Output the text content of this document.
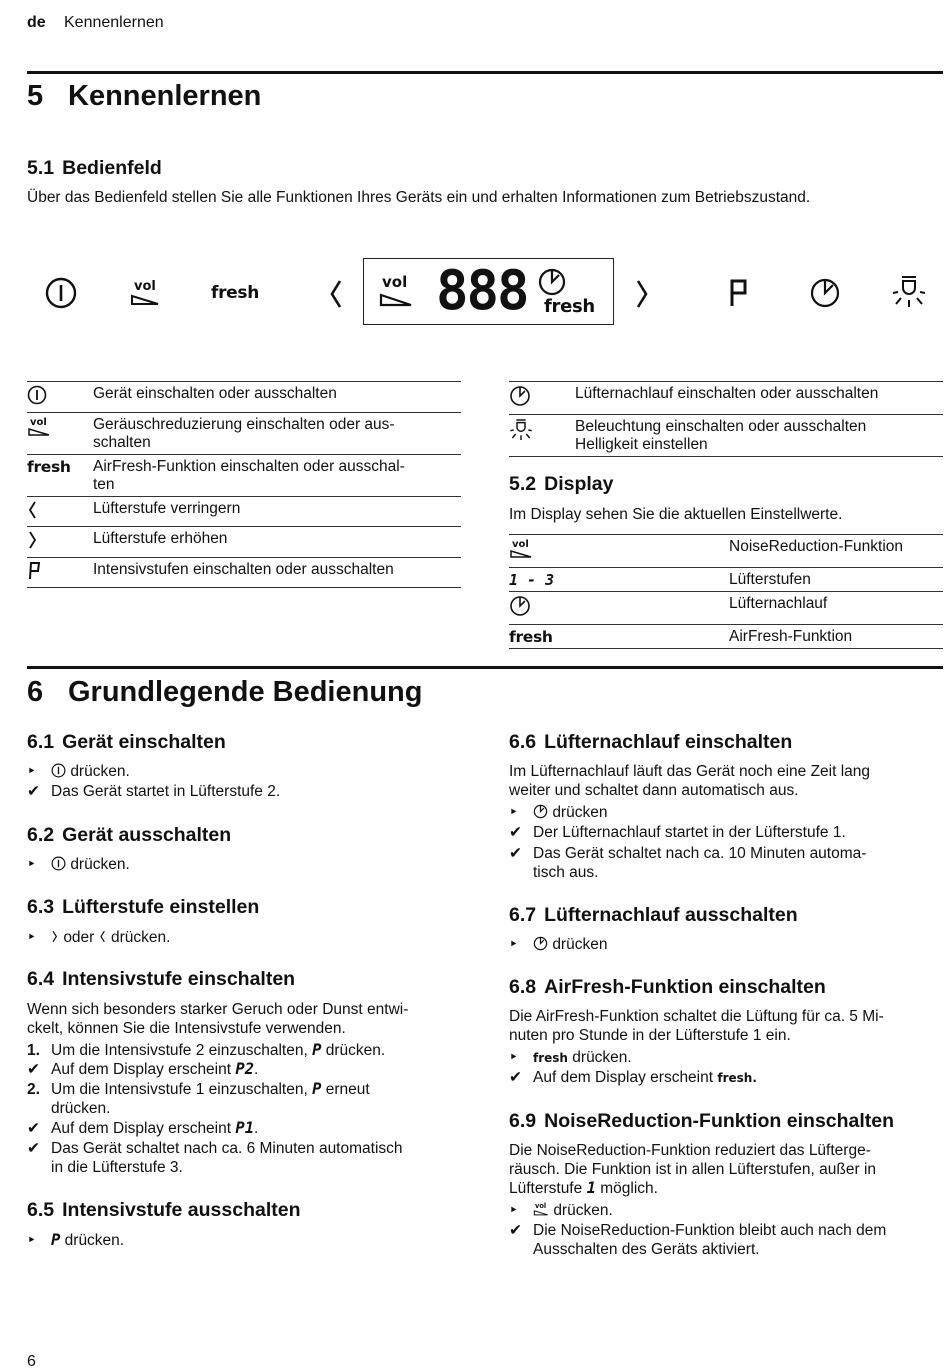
de Kennenlernen
5 Kennenlernen
5.1 Bedienfeld
Über das Bedienfeld stellen Sie alle Funktionen Ihres Geräts ein und erhalten Informationen zum Betriebszustand.
vol	fresh
vol 888 fresh
	Gerät einschalten oder ausschalten

vol	Geräuschreduzierung einschalten oder aus-
schalten

fresh	AirFresh-Funktion einschalten oder ausschal-
ten

	Lüfterstufe verringern
	Lüfterstufe erhöhen
	Intensivstufen einschalten oder ausschalten
	Lüfternachlauf einschalten oder ausschalten

Beleuchtung einschalten oder ausschalten
Helligkeit einstellen
5.2 Display
Im Display sehen Sie die aktuellen Einstellwerte.
vol	NoiseReduction-Funktion
1 - 3	Lüfterstufen
	Lüfternachlauf
fresh	AirFresh-Funktion
6 Grundlegende Bedienung
6.1 Gerät einschalten
‣	drücken.
✔ Das Gerät startet in Lüfterstufe 2.
6.2 Gerät ausschalten
‣	drücken.
6.3 Lüfterstufe einstellen
‣	oder drücken.
6.4 Intensivstufe einschalten
Wenn sich besonders starker Geruch oder Dunst entwi-
ckelt, können Sie die Intensivstufe verwenden.
1. Um die Intensivstufe 2 einzuschalten, P drücken.
✔ Auf dem Display erscheint P2.
2. Um die Intensivstufe 1 einzuschalten, P erneut
drücken.
✔ Auf dem Display erscheint P1.
✔ Das Gerät schaltet nach ca. 6 Minuten automatisch
in die Lüfterstufe 3.
6.5 Intensivstufe ausschalten
‣ P drücken.
6.6 Lüfternachlauf einschalten
Im Lüfternachlauf läuft das Gerät noch eine Zeit lang
weiter und schaltet dann automatisch aus.
‣	drücken
✔ Der Lüfternachlauf startet in der Lüfterstufe 1.
✔ Das Gerät schaltet nach ca. 10 Minuten automa-
tisch aus.
6.7 Lüfternachlauf ausschalten
‣	drücken
6.8 AirFresh-Funktion einschalten
Die AirFresh-Funktion schaltet die Lüftung für ca. 5 Mi-
nuten pro Stunde in der Lüfterstufe 1 ein.
‣	fresh drücken.
✔ Auf dem Display erscheint fresh.
6.9 NoiseReduction-Funktion einschalten
Die NoiseReduction-Funktion reduziert das Lüfterge-
räusch. Die Funktion ist in allen Lüfterstufen, außer in
Lüfterstufe 1 möglich.
‣	vol drücken.
✔ Die NoiseReduction-Funktion bleibt auch nach dem
Ausschalten des Geräts aktiviert.
6
